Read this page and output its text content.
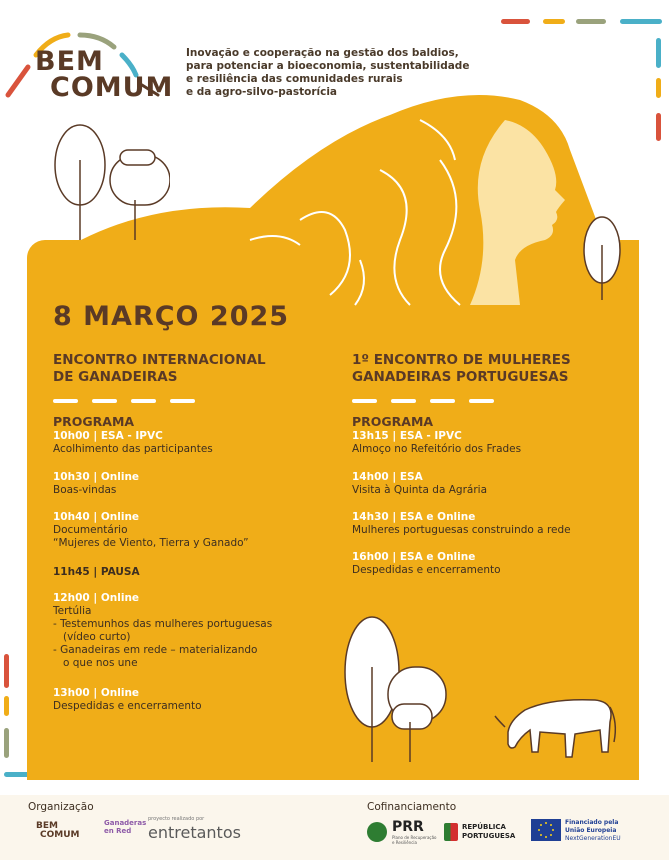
BEM
COMUM
Inovação e cooperação na gestão dos baldios,
para potenciar a bioeconomia, sustentabilidade
e resiliência das comunidades rurais
e da agro-silvo-pastorícia
8 MARÇO 2025
ENCONTRO INTERNACIONAL
DE GANADEIRAS
PROGRAMA
10h00 | ESA - IPVC
Acolhimento das participantes
10h30 | Online
Boas-vindas
10h40 | Online
Documentário
“Mujeres de Viento, Tierra y Ganado”
11h45 | PAUSA
12h00 | Online
Tertúlia
- Testemunhos das mulheres portuguesas
(vídeo curto)
- Ganadeiras em rede – materializando
o que nos une
13h00 | Online
Despedidas e encerramento
1º ENCONTRO DE MULHERES
GANADEIRAS PORTUGUESAS
PROGRAMA
13h15 | ESA - IPVC
Almoço no Refeitório dos Frades
14h00 | ESA
Visita à Quinta da Agrária
14h30 | ESA e Online
Mulheres portuguesas construindo a rede
16h00 | ESA e Online
Despedidas e encerramento
Organização	Cofinanciamento
BEM
COMUM
Ganaderas
en Red
proyecto realizado por
entretantos	PRR
Plano de Recuperação
e Resiliência
REPÚBLICA
PORTUGUESA
Financiado pela
União Europeia
NextGenerationEU
